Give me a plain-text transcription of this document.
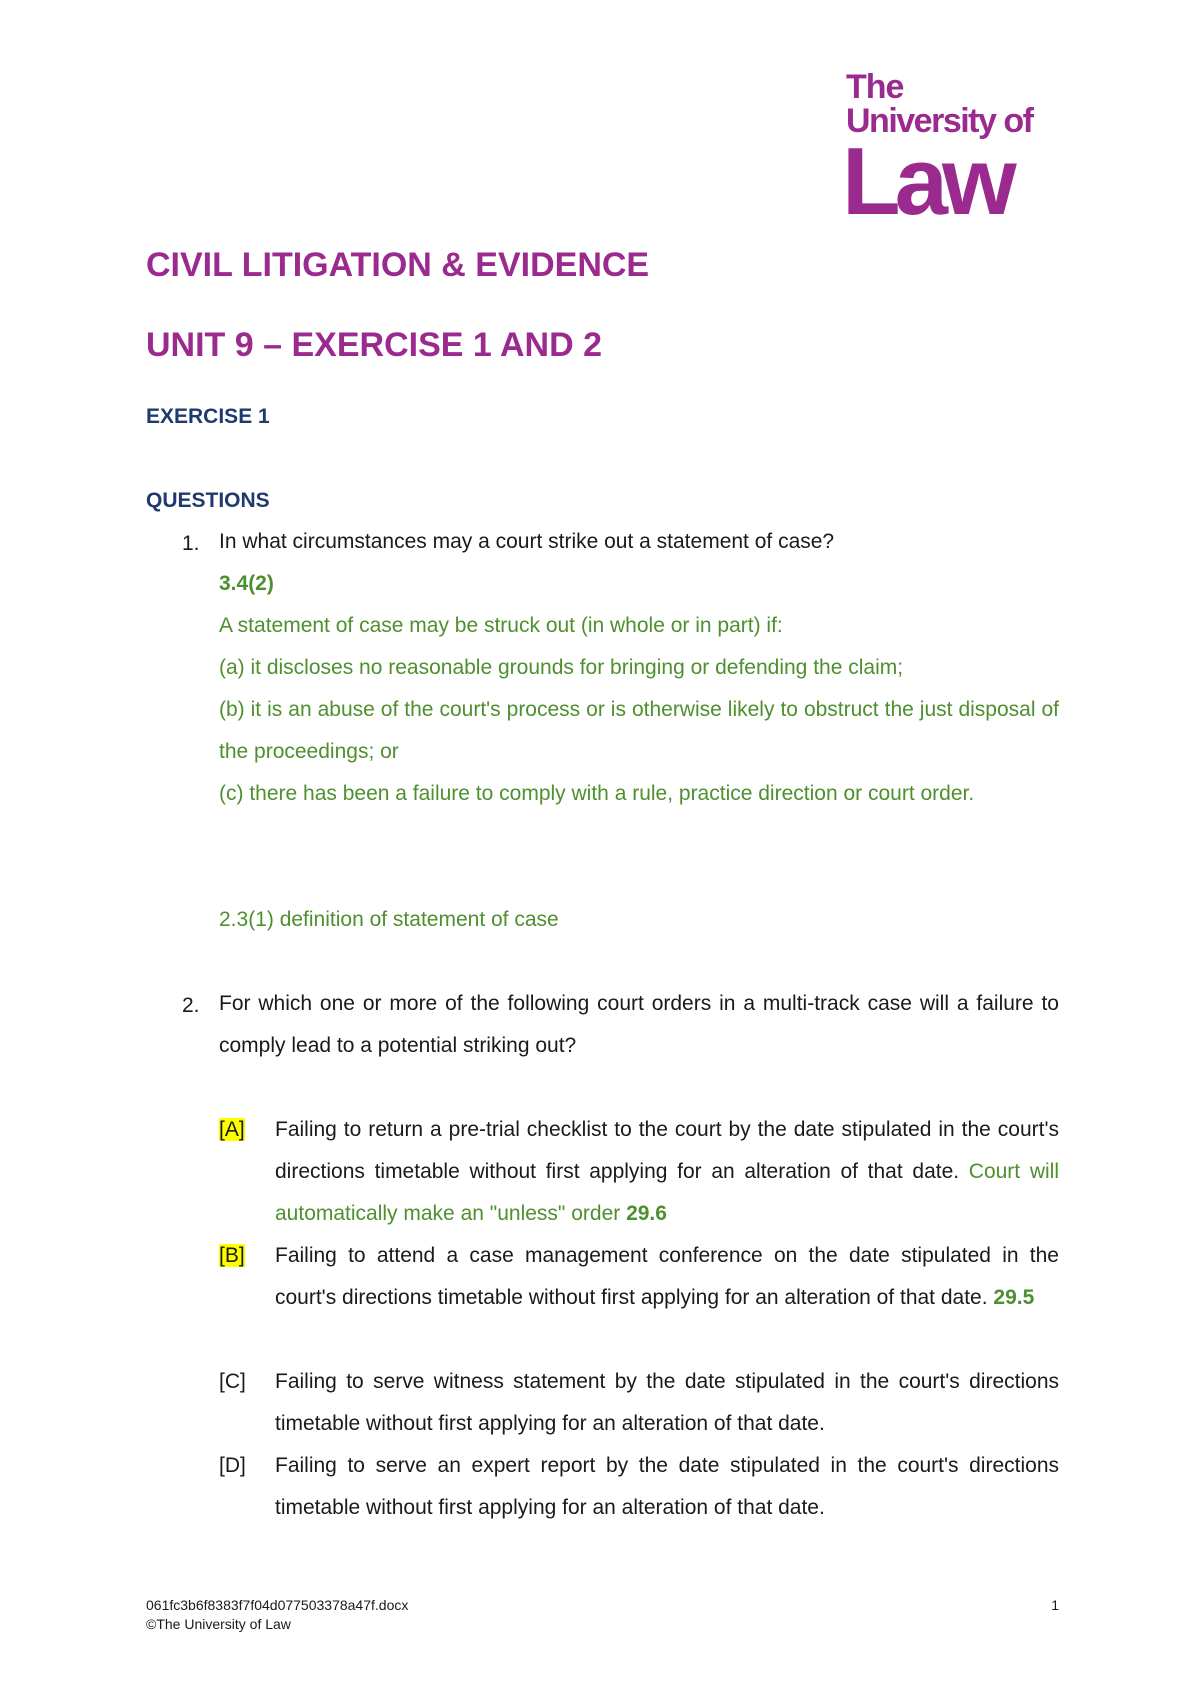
The
University of
Law
CIVIL LITIGATION & EVIDENCE
UNIT 9 – EXERCISE 1 AND 2
EXERCISE 1
QUESTIONS
1. In what circumstances may a court strike out a statement of case?

3.4(2)

A statement of case may be struck out (in whole or in part) if:

(a) it discloses no reasonable grounds for bringing or defending the claim;

(b) it is an abuse of the court's process or is otherwise likely to obstruct the just disposal of the proceedings; or

(c) there has been a failure to comply with a rule, practice direction or court order.

2.3(1) definition of statement of case

2. For which one or more of the following court orders in a multi-track case will a failure to comply lead to a potential striking out?

[A] Failing to return a pre-trial checklist to the court by the date stipulated in the court's directions timetable without first applying for an alteration of that date. Court will automatically make an "unless" order 29.6

[B] Failing to attend a case management conference on the date stipulated in the court's directions timetable without first applying for an alteration of that date. 29.5

[C] Failing to serve witness statement by the date stipulated in the court's directions timetable without first applying for an alteration of that date.

[D] Failing to serve an expert report by the date stipulated in the court's directions timetable without first applying for an alteration of that date.

061fc3b6f8383f7f04d077503378a47f.docx
©The University of Law
1
